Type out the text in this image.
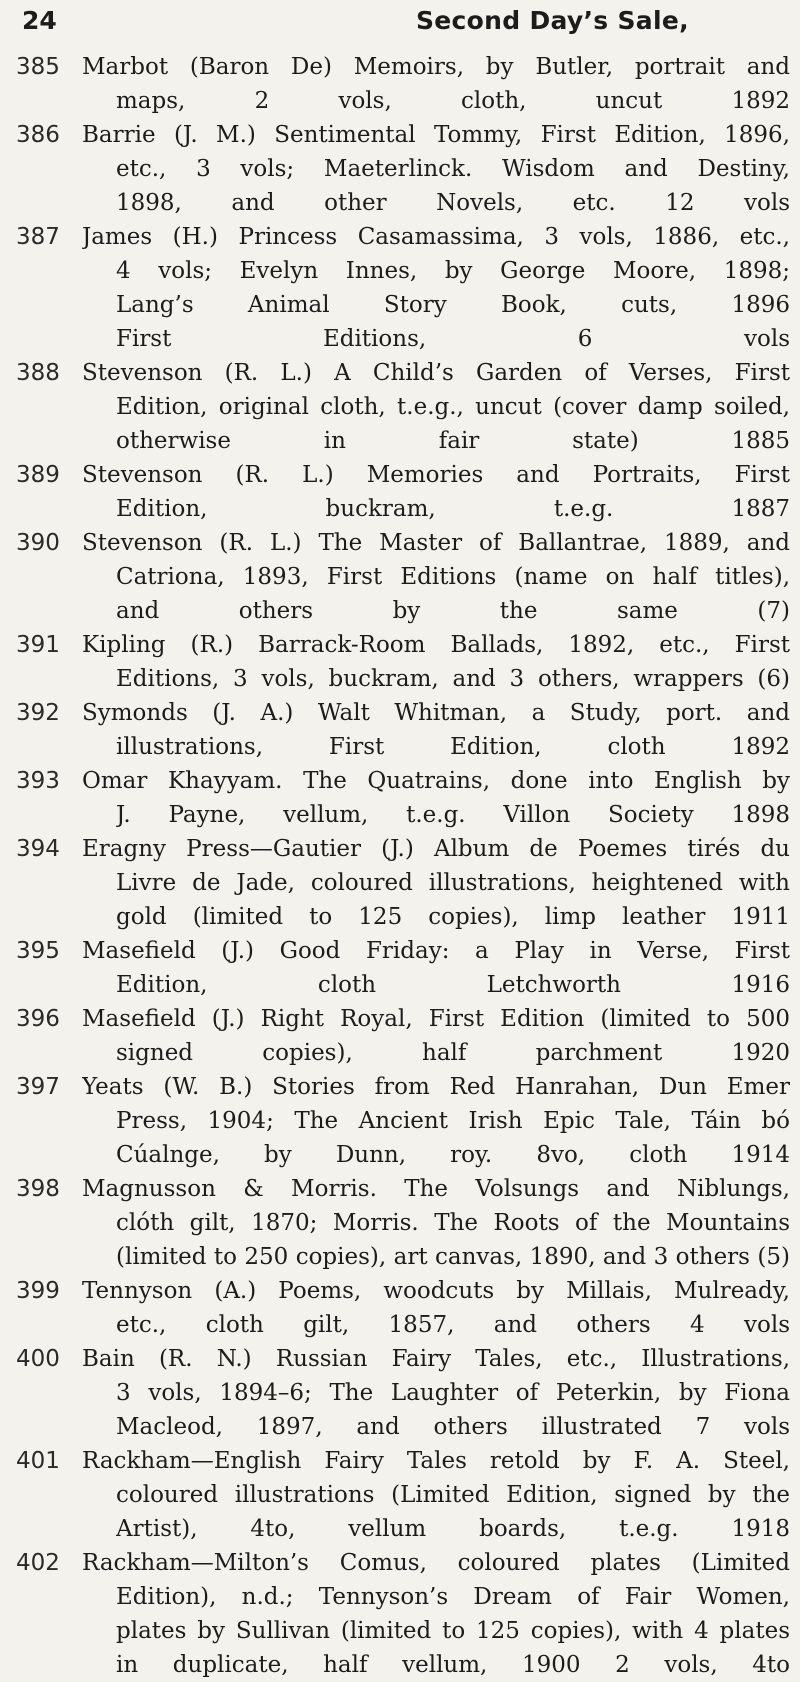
24	Second Day’s Sale,
385 Marbot (Baron De) Memoirs, by Butler, portrait and
maps, 2 vols, cloth, uncut 1892
386 Barrie (J. M.) Sentimental Tommy, First Edition, 1896,
etc., 3 vols; Maeterlinck. Wisdom and Destiny,
1898, and other Novels, etc. 12 vols
387 James (H.) Princess Casamassima, 3 vols, 1886, etc.,
4 vols; Evelyn Innes, by George Moore, 1898;
Lang’s Animal Story Book, cuts, 1896
First Editions, 6 vols
388 Stevenson (R. L.) A Child’s Garden of Verses, First
Edition, original cloth, t.e.g., uncut (cover damp soiled,
otherwise in fair state) 1885
389 Stevenson (R. L.) Memories and Portraits, First
Edition, buckram, t.e.g. 1887
390 Stevenson (R. L.) The Master of Ballantrae, 1889, and
Catriona, 1893, First Editions (name on half titles),
and others by the same (7)
391 Kipling (R.) Barrack-Room Ballads, 1892, etc., First
Editions, 3 vols, buckram, and 3 others, wrappers (6)
392 Symonds (J. A.) Walt Whitman, a Study, port. and
illustrations, First Edition, cloth 1892
393 Omar Khayyam. The Quatrains, done into English by
J. Payne, vellum, t.e.g. Villon Society 1898
394 Eragny Press—Gautier (J.) Album de Poemes tirés du
Livre de Jade, coloured illustrations, heightened with
gold (limited to 125 copies), limp leather 1911
395 Masefield (J.) Good Friday: a Play in Verse, First
Edition, cloth Letchworth 1916
396 Masefield (J.) Right Royal, First Edition (limited to 500
signed copies), half parchment 1920
397 Yeats (W. B.) Stories from Red Hanrahan, Dun Emer
Press, 1904; The Ancient Irish Epic Tale, Táin bó
Cúalnge, by Dunn, roy. 8vo, cloth 1914
398 Magnusson & Morris. The Volsungs and Niblungs,
clóth gilt, 1870; Morris. The Roots of the Mountains
(limited to 250 copies), art canvas, 1890, and 3 others (5)
399 Tennyson (A.) Poems, woodcuts by Millais, Mulready,
etc., cloth gilt, 1857, and others 4 vols
400 Bain (R. N.) Russian Fairy Tales, etc., Illustrations,
3 vols, 1894–6; The Laughter of Peterkin, by Fiona
Macleod, 1897, and others illustrated 7 vols
401 Rackham—English Fairy Tales retold by F. A. Steel,
coloured illustrations (Limited Edition, signed by the
Artist), 4to, vellum boards, t.e.g. 1918
402 Rackham—Milton’s Comus, coloured plates (Limited
Edition), n.d.; Tennyson’s Dream of Fair Women,
plates by Sullivan (limited to 125 copies), with 4 plates
in duplicate, half vellum, 1900 2 vols, 4to
